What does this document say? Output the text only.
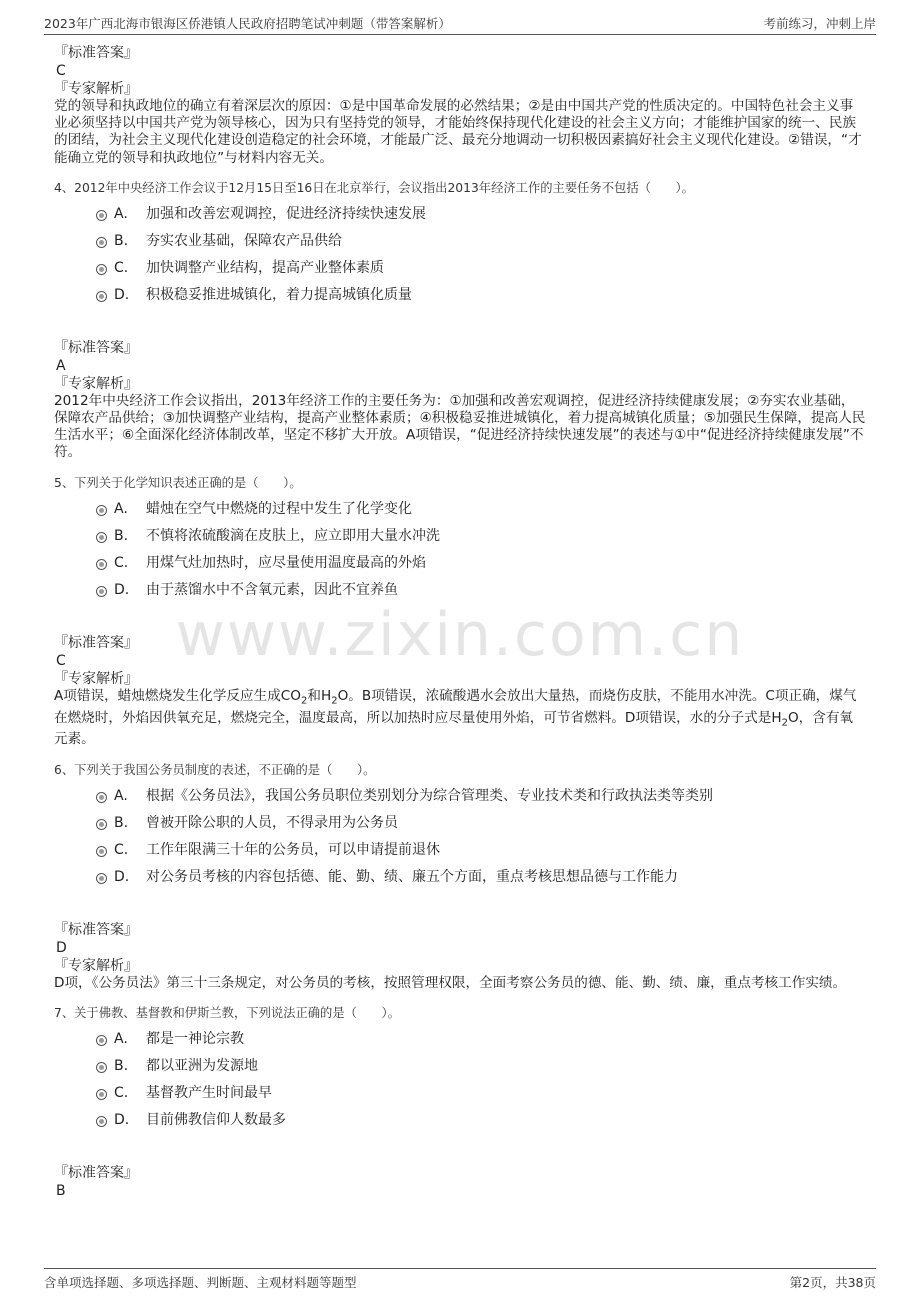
2023年广西北海市银海区侨港镇人民政府招聘笔试冲刺题（带答案解析）	考前练习，冲刺上岸
www.zixin.com.cn
『标准答案』
C
『专家解析』
党的领导和执政地位的确立有着深层次的原因：①是中国革命发展的必然结果；②是由中国共产党的性质决定的。中国特色社会主义事业必须坚持以中国共产党为领导核心，因为只有坚持党的领导，才能始终保持现代化建设的社会主义方向；才能维护国家的统一、民族的团结，为社会主义现代化建设创造稳定的社会环境，才能最广泛、最充分地调动一切积极因素搞好社会主义现代化建设。②错误，“才能确立党的领导和执政地位”与材料内容无关。
4、2012年中央经济工作会议于12月15日至16日在北京举行，会议指出2013年经济工作的主要任务不包括（　　）。
A. 加强和改善宏观调控，促进经济持续快速发展
B. 夯实农业基础，保障农产品供给
C. 加快调整产业结构，提高产业整体素质
D. 积极稳妥推进城镇化，着力提高城镇化质量
『标准答案』
A
『专家解析』
2012年中央经济工作会议指出，2013年经济工作的主要任务为：①加强和改善宏观调控，促进经济持续健康发展；②夯实农业基础，保障农产品供给；③加快调整产业结构，提高产业整体素质；④积极稳妥推进城镇化，着力提高城镇化质量；⑤加强民生保障，提高人民生活水平；⑥全面深化经济体制改革，坚定不移扩大开放。A项错误，“促进经济持续快速发展”的表述与①中“促进经济持续健康发展”不符。
5、下列关于化学知识表述正确的是（　　）。
A. 蜡烛在空气中燃烧的过程中发生了化学变化
B. 不慎将浓硫酸滴在皮肤上，应立即用大量水冲洗
C. 用煤气灶加热时，应尽量使用温度最高的外焰
D. 由于蒸馏水中不含氧元素，因此不宜养鱼
『标准答案』
C
『专家解析』
A项错误，蜡烛燃烧发生化学反应生成$CO_2$和$H_2O$。B项错误，浓硫酸遇水会放出大量热，而烧伤皮肤，不能用水冲洗。C项正确，煤气在燃烧时，外焰因供氧充足，燃烧完全，温度最高，所以加热时应尽量使用外焰，可节省燃料。D项错误，水的分子式是$H_2O$，含有氧元素。
6、下列关于我国公务员制度的表述，不正确的是（　　）。
A. 根据《公务员法》，我国公务员职位类别划分为综合管理类、专业技术类和行政执法类等类别
B. 曾被开除公职的人员，不得录用为公务员
C. 工作年限满三十年的公务员，可以申请提前退休
D. 对公务员考核的内容包括德、能、勤、绩、廉五个方面，重点考核思想品德与工作能力
『标准答案』
D
『专家解析』
D项，《公务员法》第三十三条规定，对公务员的考核，按照管理权限，全面考察公务员的德、能、勤、绩、廉，重点考核工作实绩。
7、关于佛教、基督教和伊斯兰教，下列说法正确的是（　　）。
A. 都是一神论宗教
B. 都以亚洲为发源地
C. 基督教产生时间最早
D. 目前佛教信仰人数最多
『标准答案』
B
含单项选择题、多项选择题、判断题、主观材料题等题型	第2页，共38页
